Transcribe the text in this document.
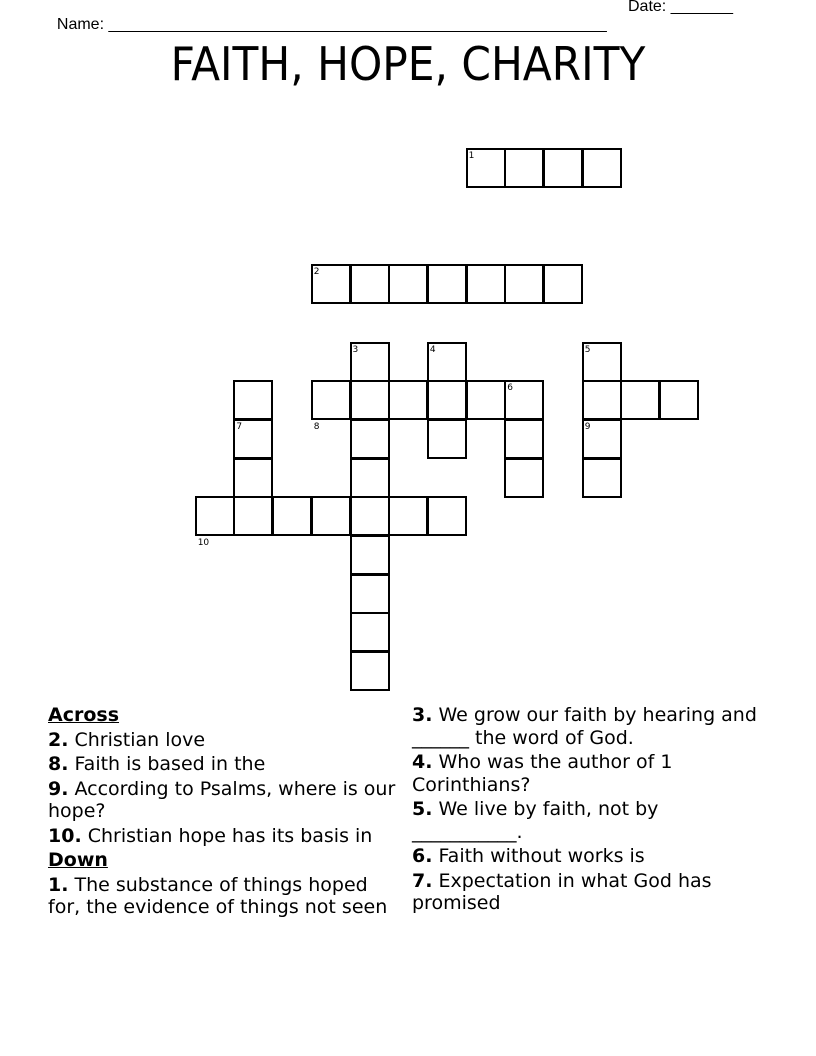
Name: ________________________________________________________

Date: _______

FAITH, HOPE, CHARITY
1
2
3	4	5
6
7	8	9
10
Across
2. Christian love
8. Faith is based in the
9. According to Psalms, where is our hope?
10. Christian hope has its basis in
Down
1. The substance of things hoped for, the evidence of things not seen
3. We grow our faith by hearing and ______ the word of God.
4. Who was the author of 1 Corinthians?
5. We live by faith, not by ___________.
6. Faith without works is
7. Expectation in what God has promised
